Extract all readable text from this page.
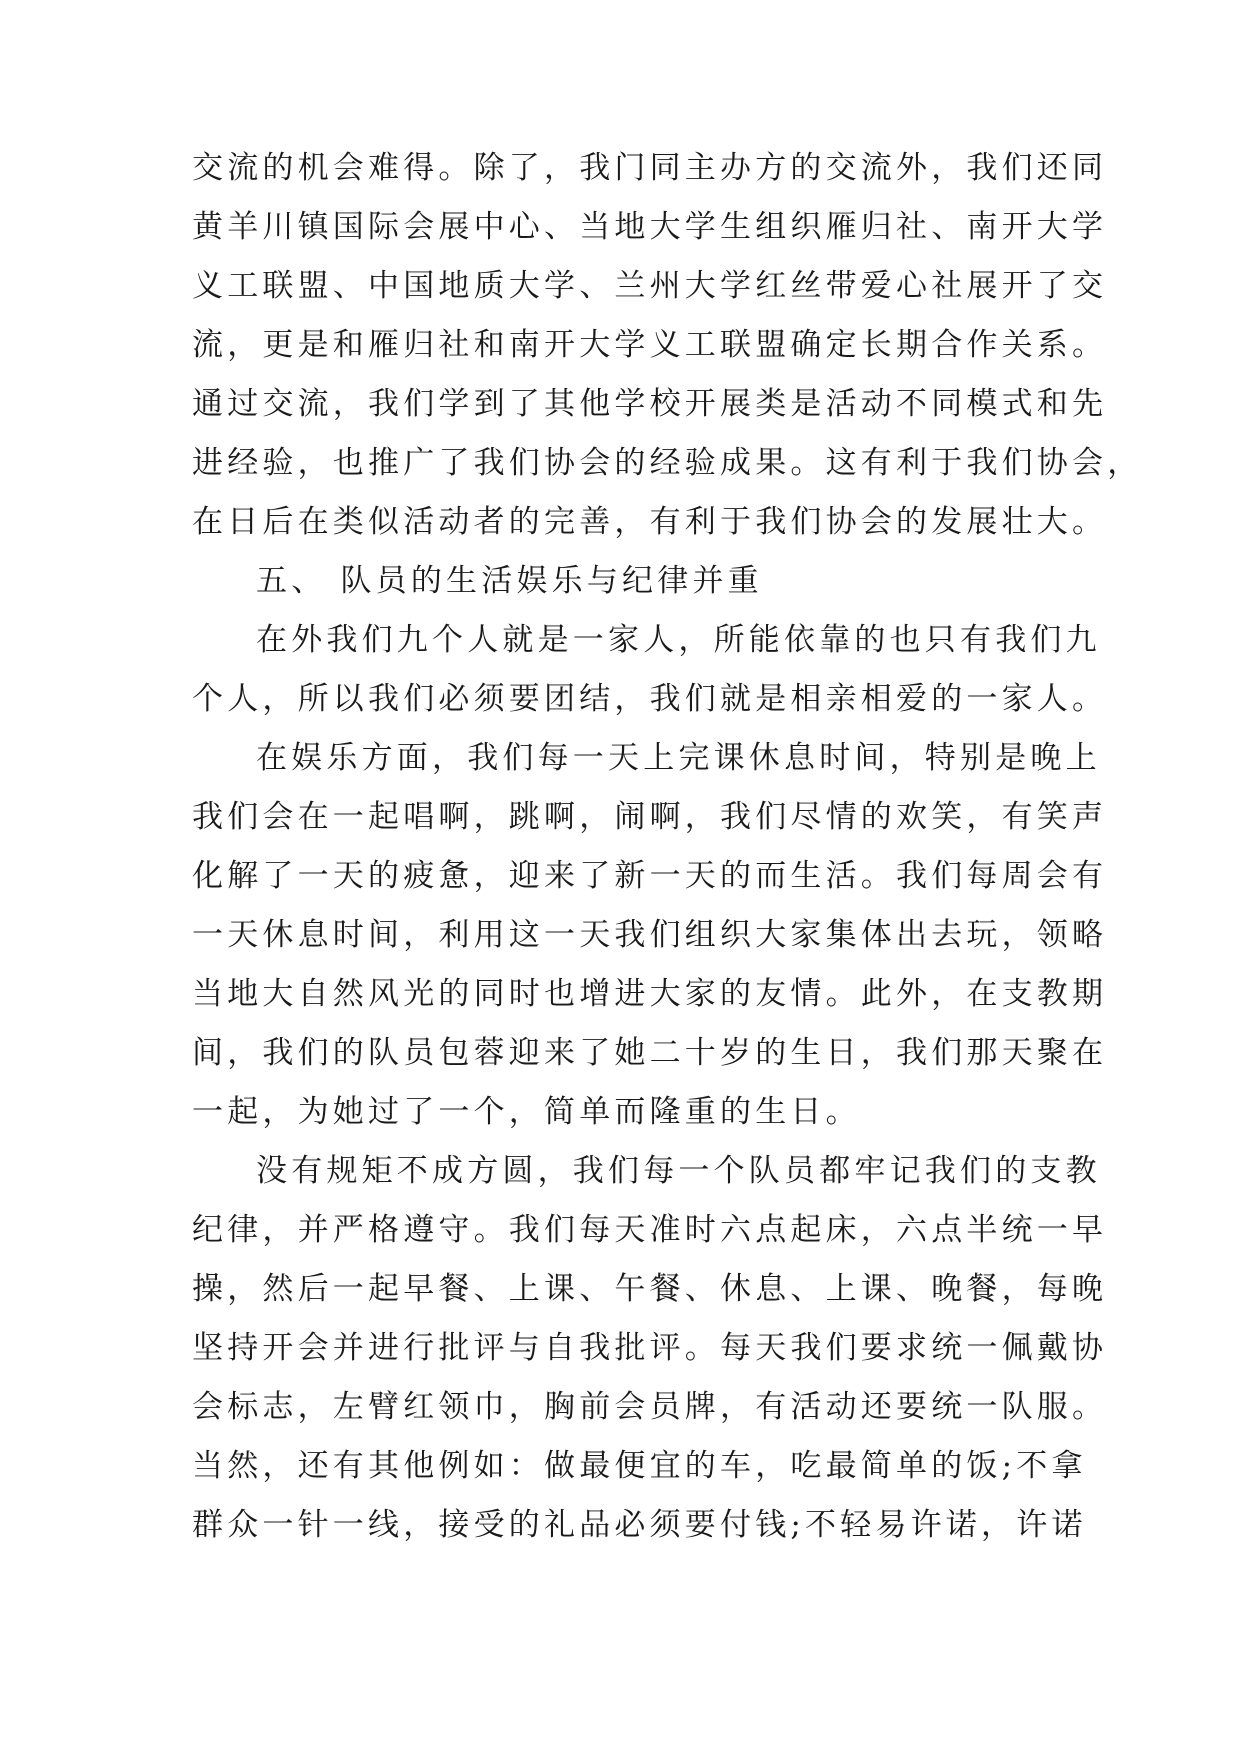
交流的机会难得。除了，我门同主办方的交流外，我们还同

黄羊川镇国际会展中心、当地大学生组织雁归社、南开大学

义工联盟、中国地质大学、兰州大学红丝带爱心社展开了交

流，更是和雁归社和南开大学义工联盟确定长期合作关系。

通过交流，我们学到了其他学校开展类是活动不同模式和先

进经验，也推广了我们协会的经验成果。这有利于我们协会，

在日后在类似活动者的完善，有利于我们协会的发展壮大。

五、 队员的生活娱乐与纪律并重

在外我们九个人就是一家人，所能依靠的也只有我们九

个人，所以我们必须要团结，我们就是相亲相爱的一家人。

在娱乐方面，我们每一天上完课休息时间，特别是晚上

我们会在一起唱啊，跳啊，闹啊，我们尽情的欢笑，有笑声

化解了一天的疲惫，迎来了新一天的而生活。我们每周会有

一天休息时间，利用这一天我们组织大家集体出去玩，领略

当地大自然风光的同时也增进大家的友情。此外，在支教期

间，我们的队员包蓉迎来了她二十岁的生日，我们那天聚在

一起，为她过了一个，简单而隆重的生日。

没有规矩不成方圆，我们每一个队员都牢记我们的支教

纪律，并严格遵守。我们每天准时六点起床，六点半统一早

操，然后一起早餐、上课、午餐、休息、上课、晚餐，每晚

坚持开会并进行批评与自我批评。每天我们要求统一佩戴协

会标志，左臂红领巾，胸前会员牌，有活动还要统一队服。

当然，还有其他例如：做最便宜的车，吃最简单的饭;不拿

群众一针一线，接受的礼品必须要付钱;不轻易许诺，许诺
